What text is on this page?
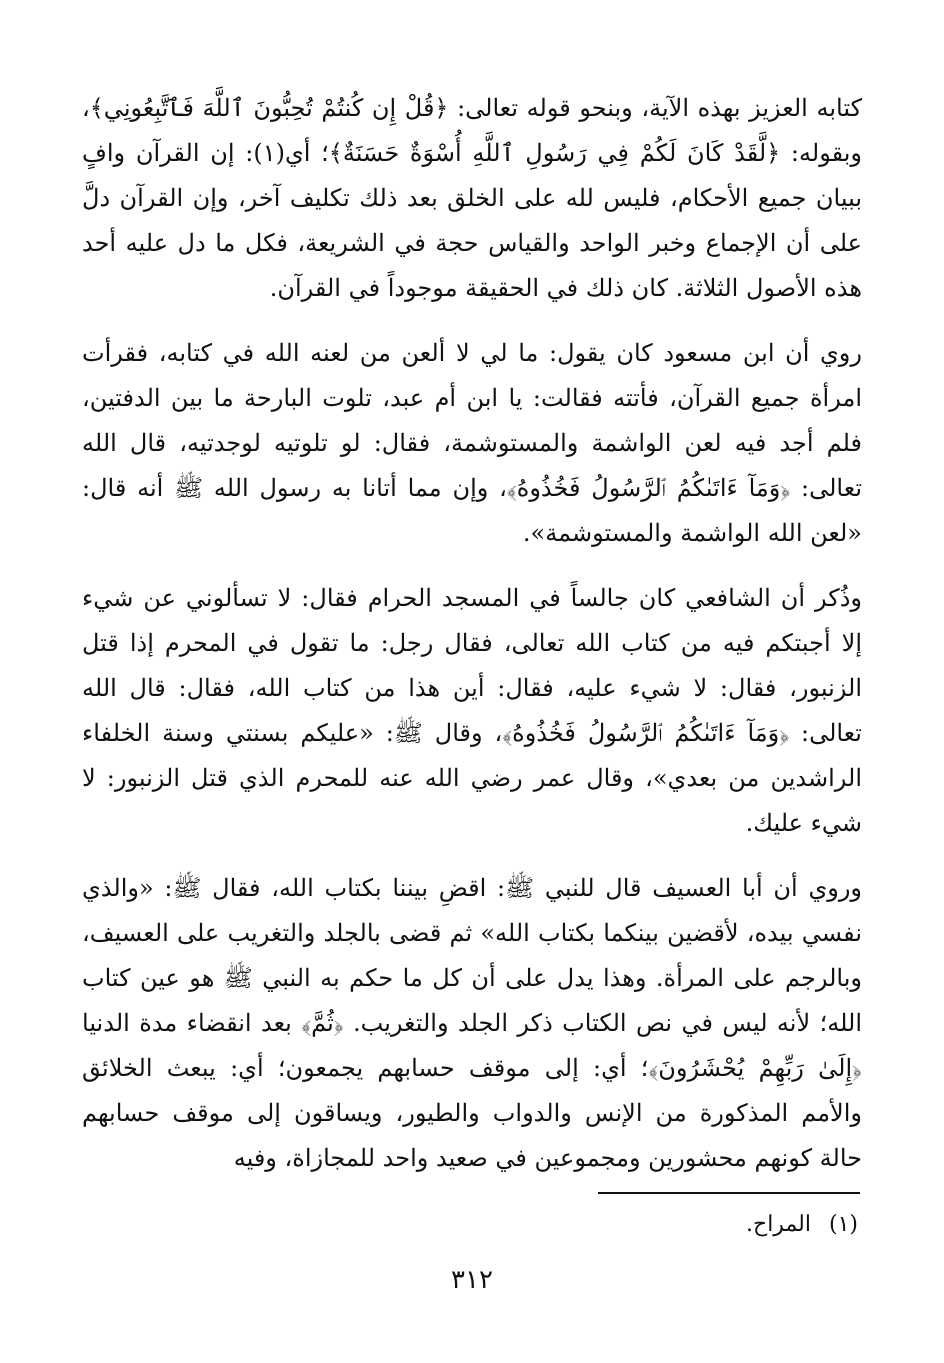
كتابه العزيز بهذه الآية، وبنحو قوله تعالى: ﴿قُلْ إِن كُنتُمْ تُحِبُّونَ ٱللَّهَ فَٱتَّبِعُونِي﴾، وبقوله: ﴿لَّقَدْ كَانَ لَكُمْ فِي رَسُولِ ٱللَّهِ أُسْوَةٌ حَسَنَةٌ﴾؛ أي(١): إن القرآن وافٍ ببيان جميع الأحكام، فليس لله على الخلق بعد ذلك تكليف آخر، وإن القرآن دلَّ على أن الإجماع وخبر الواحد والقياس حجة في الشريعة، فكل ما دل عليه أحد هذه الأصول الثلاثة. كان ذلك في الحقيقة موجوداً في القرآن.

روي أن ابن مسعود كان يقول: ما لي لا ألعن من لعنه الله في كتابه، فقرأت امرأة جميع القرآن، فأتته فقالت: يا ابن أم عبد، تلوت البارحة ما بين الدفتين، فلم أجد فيه لعن الواشمة والمستوشمة، فقال: لو تلوتيه لوجدتيه، قال الله تعالى: ﴿وَمَآ ءَاتَىٰكُمُ ٱلرَّسُولُ فَخُذُوهُ﴾، وإن مما أتانا به رسول الله ﷺ أنه قال: «لعن الله الواشمة والمستوشمة».

وذُكر أن الشافعي كان جالساً في المسجد الحرام فقال: لا تسألوني عن شيء إلا أجبتكم فيه من كتاب الله تعالى، فقال رجل: ما تقول في المحرم إذا قتل الزنبور، فقال: لا شيء عليه، فقال: أين هذا من كتاب الله، فقال: قال الله تعالى: ﴿وَمَآ ءَاتَىٰكُمُ ٱلرَّسُولُ فَخُذُوهُ﴾، وقال ﷺ: «عليكم بسنتي وسنة الخلفاء الراشدين من بعدي»، وقال عمر رضي الله عنه للمحرم الذي قتل الزنبور: لا شيء عليك.

وروي أن أبا العسيف قال للنبي ﷺ: اقضِ بيننا بكتاب الله، فقال ﷺ: «والذي نفسي بيده، لأقضين بينكما بكتاب الله» ثم قضى بالجلد والتغريب على العسيف، وبالرجم على المرأة. وهذا يدل على أن كل ما حكم به النبي ﷺ هو عين كتاب الله؛ لأنه ليس في نص الكتاب ذكر الجلد والتغريب. ﴿ثُمَّ﴾ بعد انقضاء مدة الدنيا ﴿إِلَىٰ رَبِّهِمْ يُحْشَرُونَ﴾؛ أي: إلى موقف حسابهم يجمعون؛ أي: يبعث الخلائق والأمم المذكورة من الإنس والدواب والطيور، ويساقون إلى موقف حسابهم حالة كونهم محشورين ومجموعين في صعيد واحد للمجازاة، وفيه

(١)المراح.
٣١٢
